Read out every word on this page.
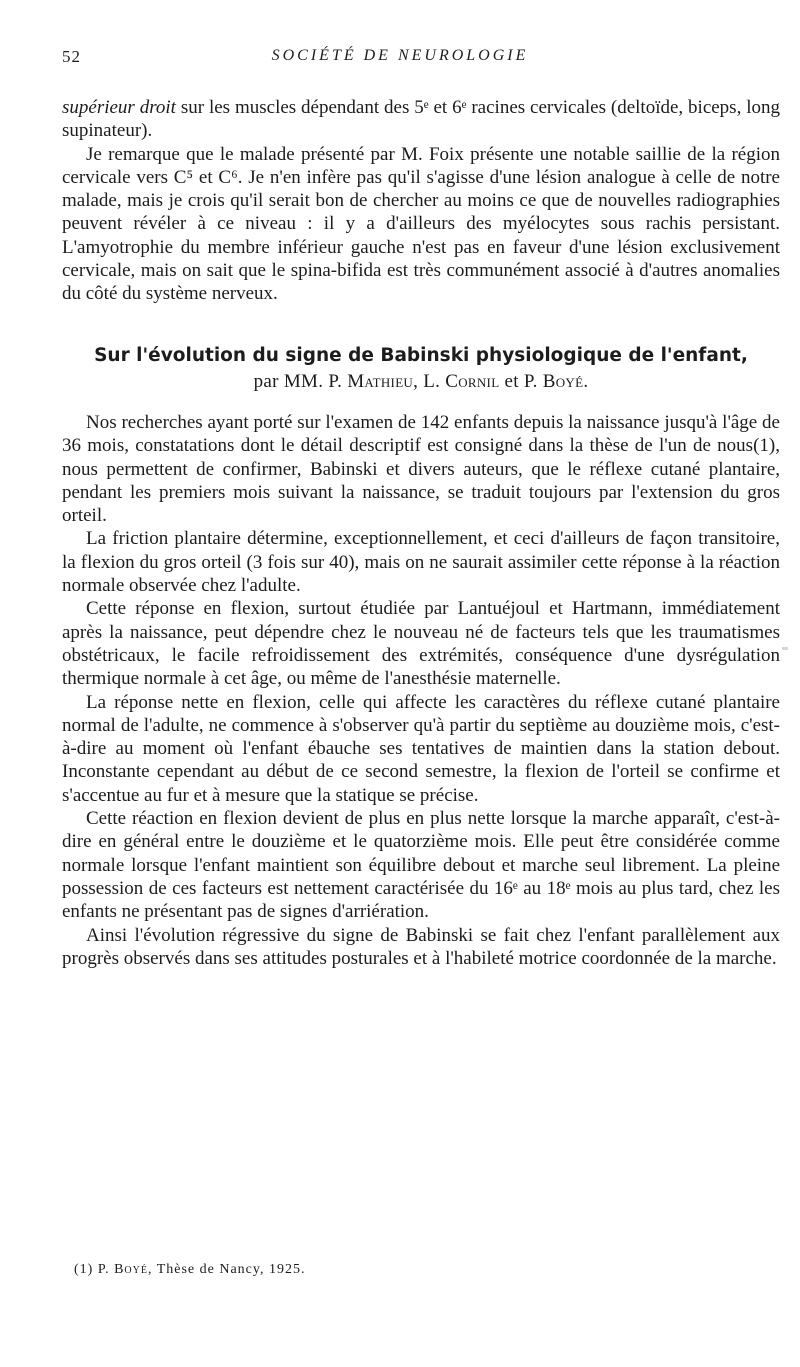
52	SOCIÉTÉ DE NEUROLOGIE

supérieur droit sur les muscles dépendant des 5ᵉ et 6ᵉ racines cervicales (deltoïde, biceps, long supinateur).

Je remarque que le malade présenté par M. Foix présente une notable saillie de la région cervicale vers C⁵ et C⁶. Je n'en infère pas qu'il s'agisse d'une lésion analogue à celle de notre malade, mais je crois qu'il serait bon de chercher au moins ce que de nouvelles radiographies peuvent révéler à ce niveau : il y a d'ailleurs des myélocytes sous rachis persistant. L'amyotrophie du membre inférieur gauche n'est pas en faveur d'une lésion exclusivement cervicale, mais on sait que le spina-bifida est très communément associé à d'autres anomalies du côté du système nerveux.

Sur l'évolution du signe de Babinski physiologique de l'enfant,
par MM. P. Mathieu, L. Cornil et P. Boyé.

Nos recherches ayant porté sur l'examen de 142 enfants depuis la naissance jusqu'à l'âge de 36 mois, constatations dont le détail descriptif est consigné dans la thèse de l'un de nous(1), nous permettent de confirmer, Babinski et divers auteurs, que le réflexe cutané plantaire, pendant les premiers mois suivant la naissance, se traduit toujours par l'extension du gros orteil.

La friction plantaire détermine, exceptionnellement, et ceci d'ailleurs de façon transitoire, la flexion du gros orteil (3 fois sur 40), mais on ne saurait assimiler cette réponse à la réaction normale observée chez l'adulte.

Cette réponse en flexion, surtout étudiée par Lantuéjoul et Hartmann, immédiatement après la naissance, peut dépendre chez le nouveau né de facteurs tels que les traumatismes obstétricaux, le facile refroidissement des extrémités, conséquence d'une dysrégulation thermique normale à cet âge, ou même de l'anesthésie maternelle.

La réponse nette en flexion, celle qui affecte les caractères du réflexe cutané plantaire normal de l'adulte, ne commence à s'observer qu'à partir du septième au douzième mois, c'est-à-dire au moment où l'enfant ébauche ses tentatives de maintien dans la station debout. Inconstante cependant au début de ce second semestre, la flexion de l'orteil se confirme et s'accentue au fur et à mesure que la statique se précise.

Cette réaction en flexion devient de plus en plus nette lorsque la marche apparaît, c'est-à-dire en général entre le douzième et le quatorzième mois. Elle peut être considérée comme normale lorsque l'enfant maintient son équilibre debout et marche seul librement. La pleine possession de ces facteurs est nettement caractérisée du 16ᵉ au 18ᵉ mois au plus tard, chez les enfants ne présentant pas de signes d'arriération.

Ainsi l'évolution régressive du signe de Babinski se fait chez l'enfant parallèlement aux progrès observés dans ses attitudes posturales et à l'habileté motrice coordonnée de la marche.

(1) P. Boyé, Thèse de Nancy, 1925.
